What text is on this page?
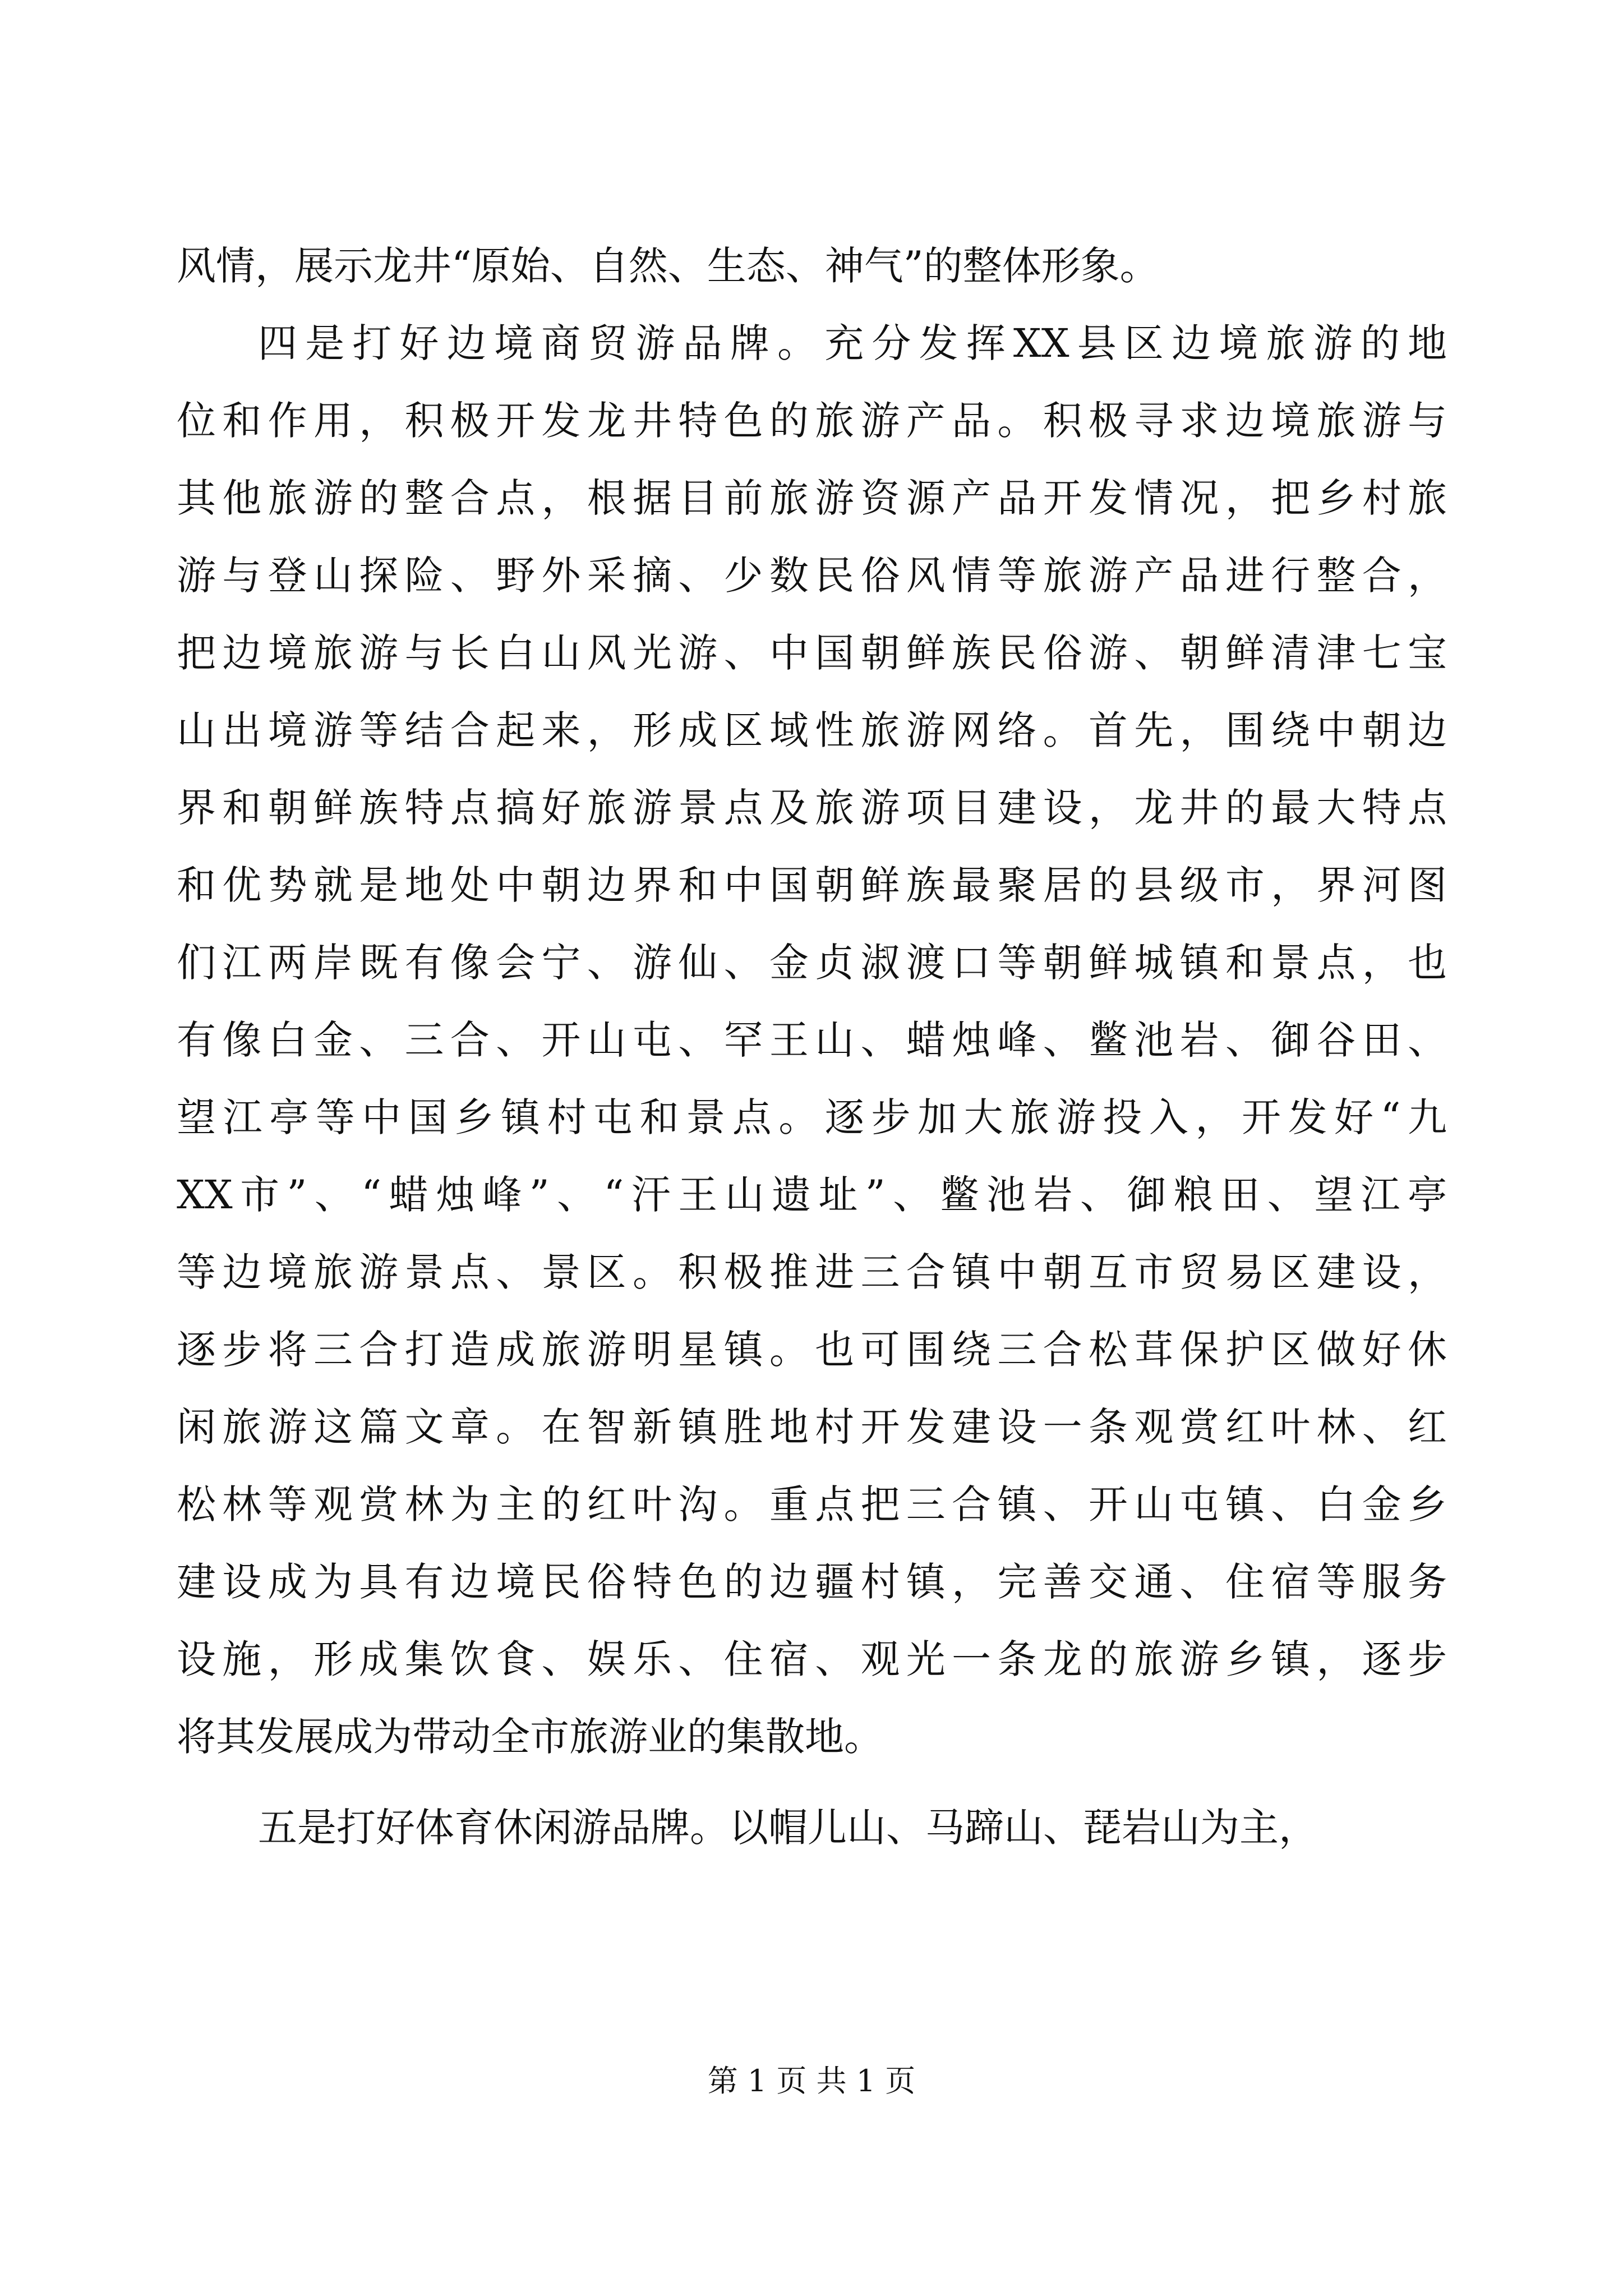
风情，展示龙井“原始、自然、生态、神气”的整体形象。
四是打好边境商贸游品牌。充分发挥XX县区边境旅游的地
位和作用，积极开发龙井特色的旅游产品。积极寻求边境旅游与
其他旅游的整合点，根据目前旅游资源产品开发情况，把乡村旅
游与登山探险、野外采摘、少数民俗风情等旅游产品进行整合，
把边境旅游与长白山风光游、中国朝鲜族民俗游、朝鲜清津七宝
山出境游等结合起来，形成区域性旅游网络。首先，围绕中朝边
界和朝鲜族特点搞好旅游景点及旅游项目建设，龙井的最大特点
和优势就是地处中朝边界和中国朝鲜族最聚居的县级市，界河图
们江两岸既有像会宁、游仙、金贞淑渡口等朝鲜城镇和景点，也
有像白金、三合、开山屯、罕王山、蜡烛峰、鳖池岩、御谷田、
望江亭等中国乡镇村屯和景点。逐步加大旅游投入，开发好“九
XX市”、“蜡烛峰”、“汗王山遗址”、鳖池岩、御粮田、望江亭
等边境旅游景点、景区。积极推进三合镇中朝互市贸易区建设，
逐步将三合打造成旅游明星镇。也可围绕三合松茸保护区做好休
闲旅游这篇文章。在智新镇胜地村开发建设一条观赏红叶林、红
松林等观赏林为主的红叶沟。重点把三合镇、开山屯镇、白金乡
建设成为具有边境民俗特色的边疆村镇，完善交通、住宿等服务
设施，形成集饮食、娱乐、住宿、观光一条龙的旅游乡镇，逐步
将其发展成为带动全市旅游业的集散地。
五是打好体育休闲游品牌。以帽儿山、马蹄山、琵岩山为主，
第 1 页 共 1 页
